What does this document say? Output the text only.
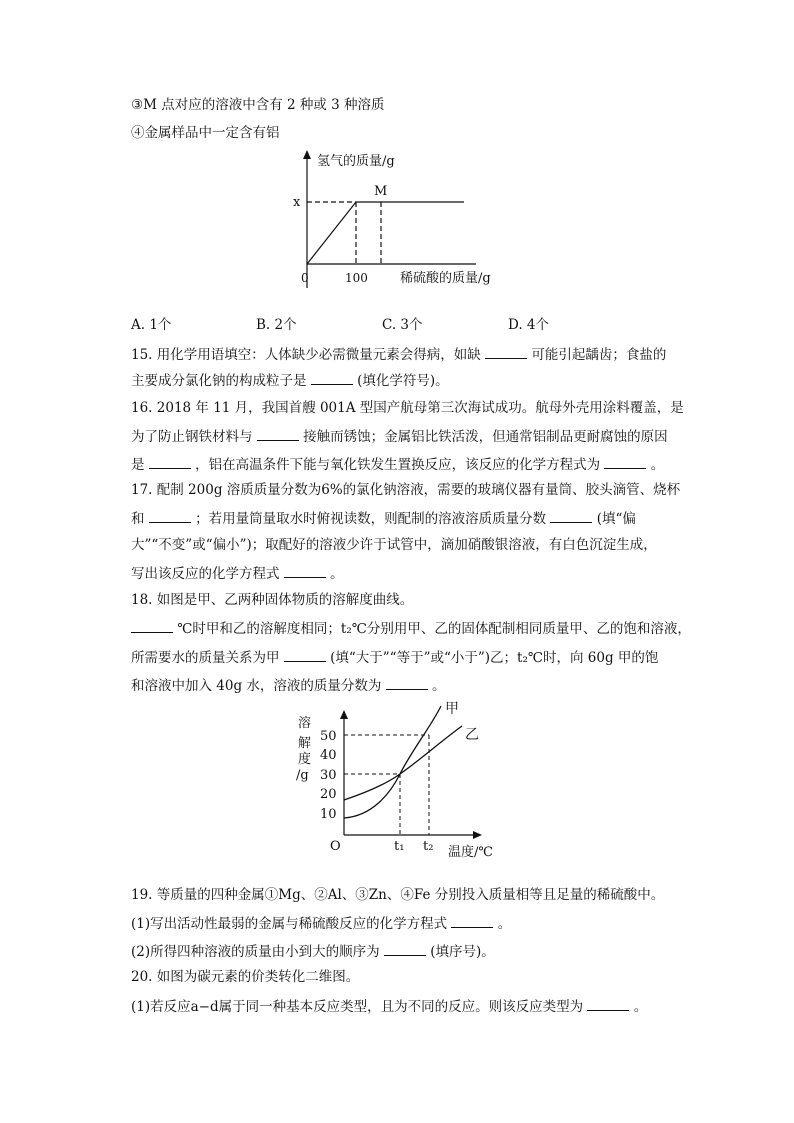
③M 点对应的溶液中含有 2 种或 3 种溶质
④金属样品中一定含有铝
氢气的质量/g
x
M
0	100 稀硫酸的质量/g
A. 1个	B. 2个	C. 3个	D. 4个
15. 用化学用语填空：人体缺少必需微量元素会得病，如缺	可能引起龋齿；食盐的
主要成分氯化钠的构成粒子是	(填化学符号)。
16. 2018 年 11 月，我国首艘 001A 型国产航母第三次海试成功。航母外壳用涂料覆盖，是
为了防止钢铁材料与	接触而锈蚀；金属铝比铁活泼，但通常铝制品更耐腐蚀的原因
是	，铝在高温条件下能与氧化铁发生置换反应，该反应的化学方程式为	。
17. 配制 200g 溶质质量分数为6%的氯化钠溶液，需要的玻璃仪器有量筒、胶头滴管、烧杯
和	；若用量筒量取水时俯视读数，则配制的溶液溶质质量分数	(填“偏
大”“不变”或“偏小”)；取配好的溶液少许于试管中，滴加硝酸银溶液，有白色沉淀生成，
写出该反应的化学方程式	。
18. 如图是甲、乙两种固体物质的溶解度曲线。
℃时甲和乙的溶解度相同；t₂℃分别用甲、乙的固体配制相同质量甲、乙的饱和溶液，
所需要水的质量关系为甲	(填“大于”“等于”或“小于”)乙；t₂℃时，向 60g 甲的饱
和溶液中加入 40g 水，溶液的质量分数为	。
溶
解
度
/g
50
40
30
20
10
甲
乙
O	t₁ t₂ 温度/℃
19. 等质量的四种金属①Mg、②Al、③Zn、④Fe 分别投入质量相等且足量的稀硫酸中。
(1)写出活动性最弱的金属与稀硫酸反应的化学方程式	。
(2)所得四种溶液的质量由小到大的顺序为	(填序号)。
20. 如图为碳元素的价类转化二维图。
(1)若反应a−d属于同一种基本反应类型，且为不同的反应。则该反应类型为	。
